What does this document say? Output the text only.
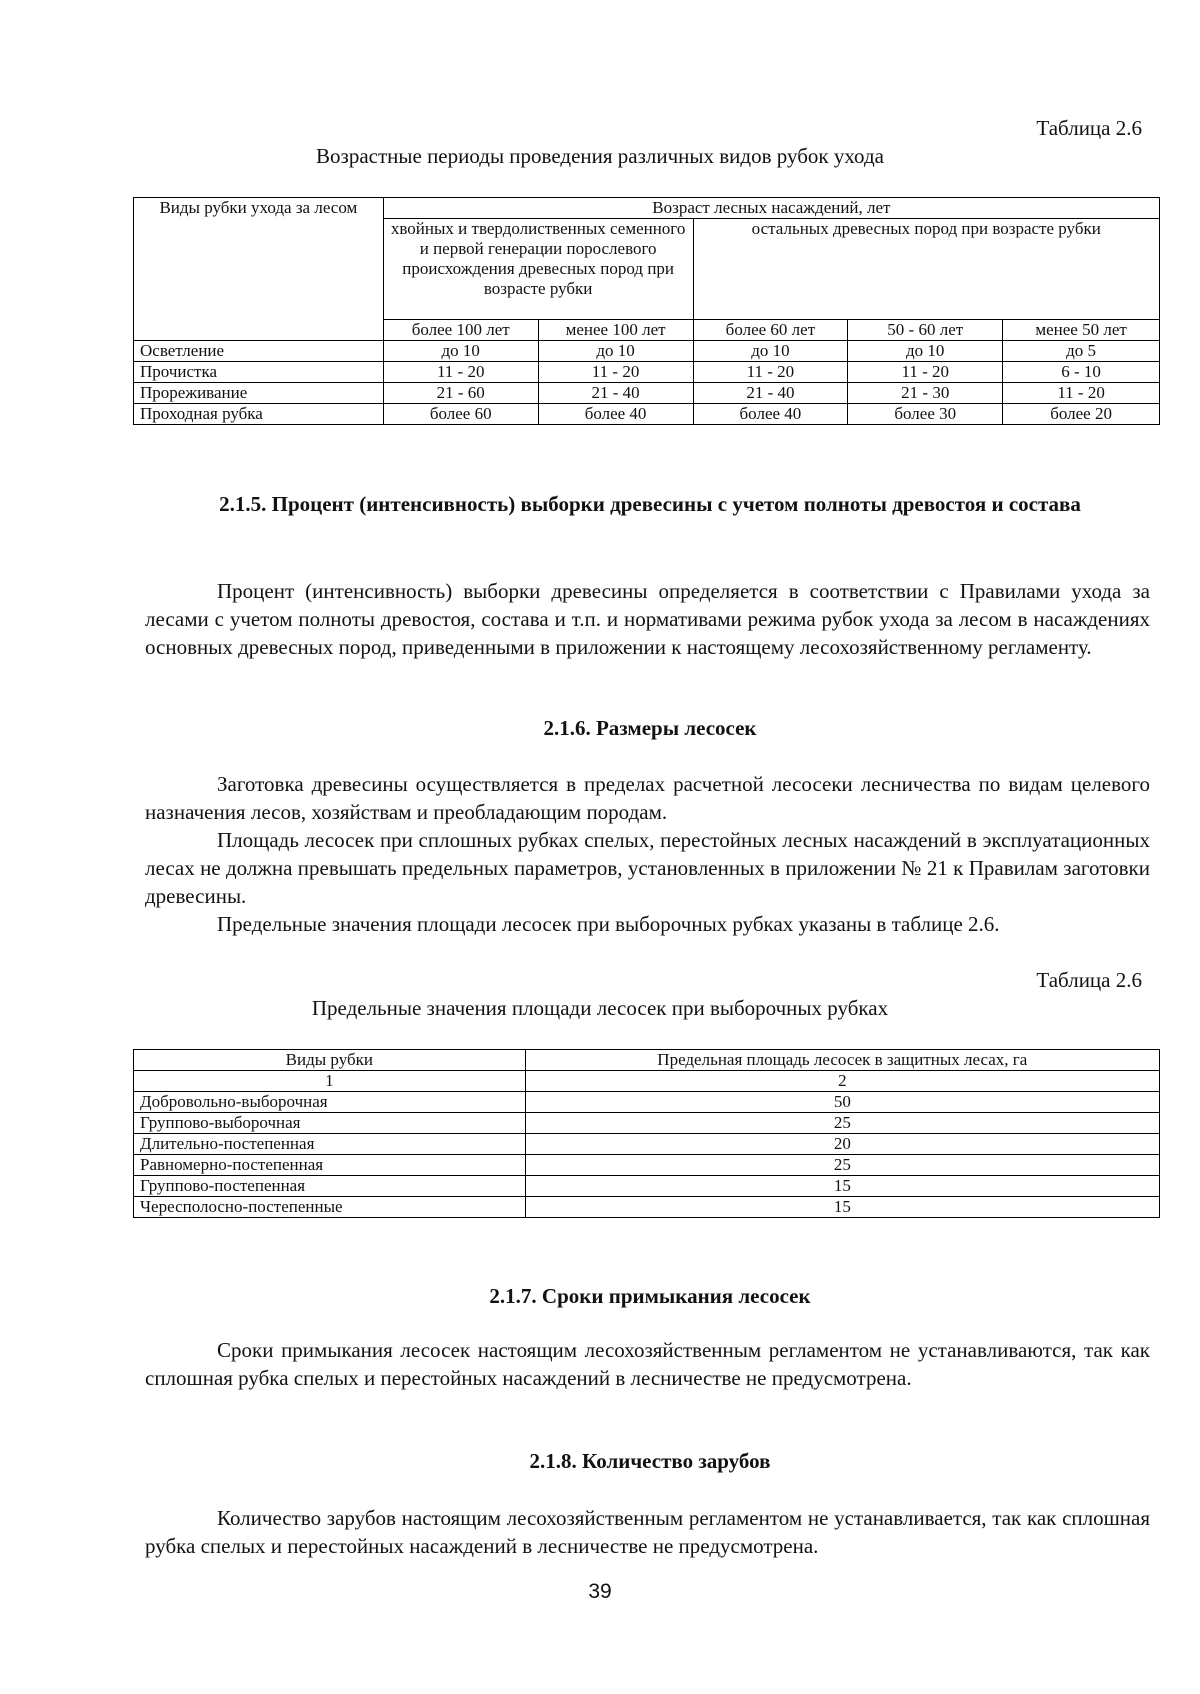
Таблица 2.6
Возрастные периоды проведения различных видов рубок ухода
Виды рубки ухода за лесом	Возраст лесных насаждений, лет				
	хвойных и твердолиственных семенного и первой генерации порослевого происхождения древесных пород при возрасте рубки		остальных древесных пород при возрасте рубки		
	более 100 лет	менее 100 лет	более 60 лет	50 - 60 лет	менее 50 лет
Осветление	до 10	до 10	до 10	до 10	до 5
Прочистка	11 - 20	11 - 20	11 - 20	11 - 20	6 - 10
Прореживание	21 - 60	21 - 40	21 - 40	21 - 30	11 - 20
Проходная рубка	более 60	более 40	более 40	более 30	более 20
2.1.5. Процент (интенсивность) выборки древесины с учетом полноты древостоя и состава
Процент (интенсивность) выборки древесины определяется в соответствии с Правилами ухода за лесами с учетом полноты древостоя, состава и т.п. и нормативами режима рубок ухода за лесом в насаждениях основных древесных пород, приведенными в приложении к настоящему лесохозяйственному регламенту.
2.1.6. Размеры лесосек
Заготовка древесины осуществляется в пределах расчетной лесосеки лесничества по видам целевого назначения лесов, хозяйствам и преобладающим породам.
Площадь лесосек при сплошных рубках спелых, перестойных лесных насаждений в эксплуатационных лесах не должна превышать предельных параметров, установленных в приложении № 21 к Правилам заготовки древесины.
Предельные значения площади лесосек при выборочных рубках указаны в таблице 2.6.
Таблица 2.6
Предельные значения площади лесосек при выборочных рубках
Виды рубки	Предельная площадь лесосек в защитных лесах, га
1	2
Добровольно-выборочная	50
Группово-выборочная	25
Длительно-постепенная	20
Равномерно-постепенная	25
Группово-постепенная	15
Чересполосно-постепенные	15
2.1.7. Сроки примыкания лесосек
Сроки примыкания лесосек настоящим лесохозяйственным регламентом не устанавливаются, так как сплошная рубка спелых и перестойных насаждений в лесничестве не предусмотрена.
2.1.8. Количество зарубов
Количество зарубов настоящим лесохозяйственным регламентом не устанавливается, так как сплошная рубка спелых и перестойных насаждений в лесничестве не предусмотрена.
39
